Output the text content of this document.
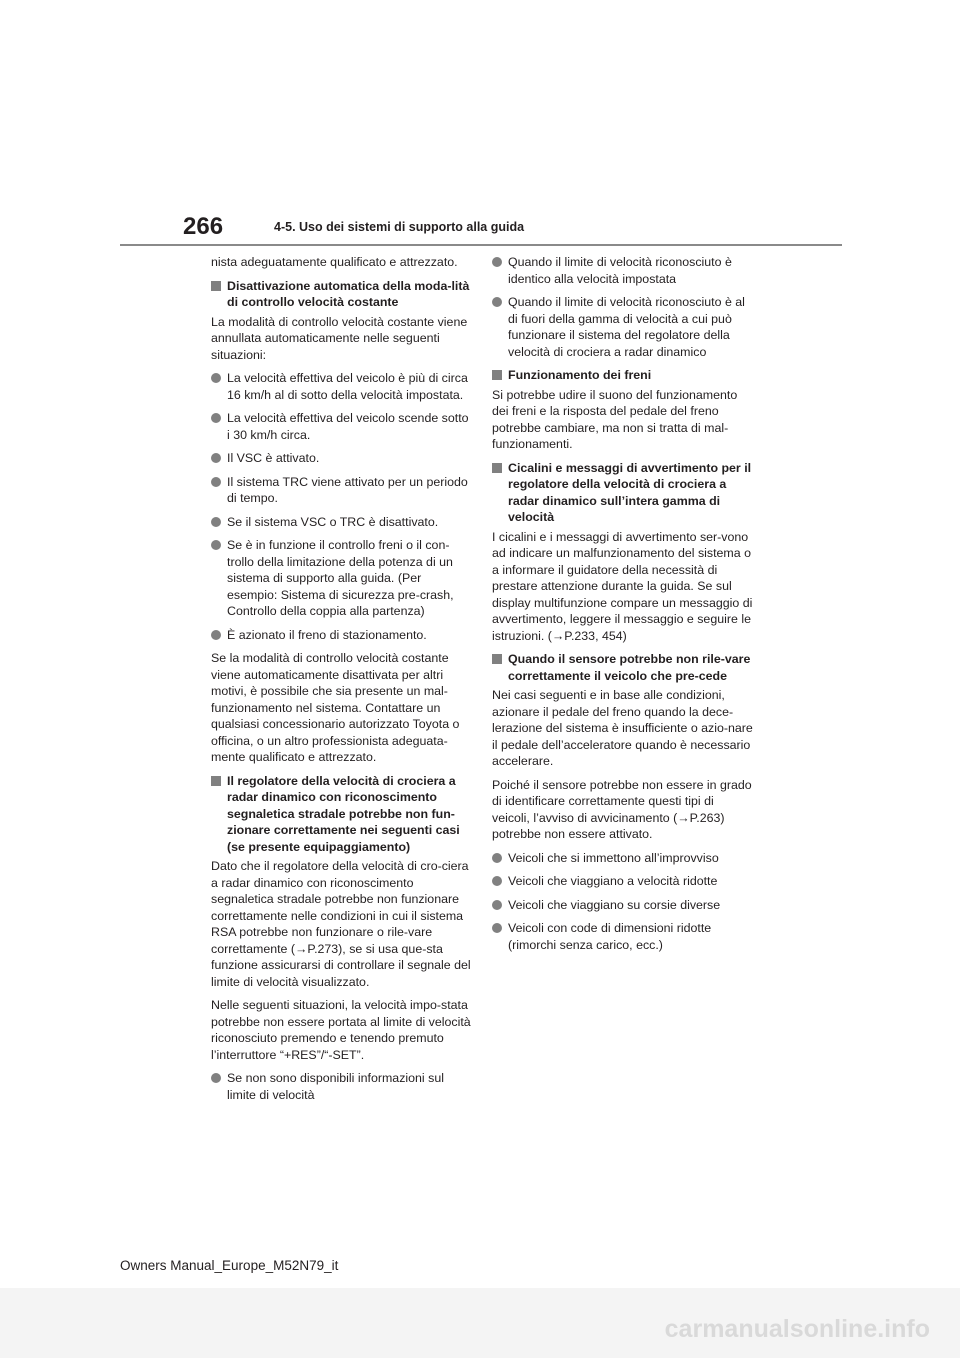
266	4-5. Uso dei sistemi di supporto alla guida

nista adeguatamente qualificato e attrezzato.

Disattivazione automatica della moda-lità di controllo velocità costante

La modalità di controllo velocità costante viene annullata automaticamente nelle seguenti situazioni:

La velocità effettiva del veicolo è più di circa 16 km/h al di sotto della velocità impostata.
La velocità effettiva del veicolo scende sotto i 30 km/h circa.
Il VSC è attivato.
Il sistema TRC viene attivato per un periodo di tempo.
Se il sistema VSC o TRC è disattivato.
Se è in funzione il controllo freni o il con-trollo della limitazione della potenza di un sistema di supporto alla guida. (Per esempio: Sistema di sicurezza pre-crash, Controllo della coppia alla partenza)
È azionato il freno di stazionamento.

Se la modalità di controllo velocità costante viene automaticamente disattivata per altri motivi, è possibile che sia presente un mal-funzionamento nel sistema. Contattare un qualsiasi concessionario autorizzato Toyota o officina, o un altro professionista adeguata-mente qualificato e attrezzato.

Il regolatore della velocità di crociera a radar dinamico con riconoscimento segnaletica stradale potrebbe non fun-zionare correttamente nei seguenti casi (se presente equipaggiamento)

Dato che il regolatore della velocità di cro-ciera a radar dinamico con riconoscimento segnaletica stradale potrebbe non funzionare correttamente nelle condizioni in cui il sistema RSA potrebbe non funzionare o rile-vare correttamente (→P.273), se si usa que-sta funzione assicurarsi di controllare il segnale del limite di velocità visualizzato.

Nelle seguenti situazioni, la velocità impo-stata potrebbe non essere portata al limite di velocità riconosciuto premendo e tenendo premuto l’interruttore “+RES”/“-SET”.

Se non sono disponibili informazioni sul limite di velocità
Quando il limite di velocità riconosciuto è identico alla velocità impostata
Quando il limite di velocità riconosciuto è al di fuori della gamma di velocità a cui può funzionare il sistema del regolatore della velocità di crociera a radar dinamico
Funzionamento dei freni

Si potrebbe udire il suono del funzionamento dei freni e la risposta del pedale del freno potrebbe cambiare, ma non si tratta di mal-funzionamenti.

Cicalini e messaggi di avvertimento per il regolatore della velocità di crociera a radar dinamico sull’intera gamma di velocità

I cicalini e i messaggi di avvertimento ser-vono ad indicare un malfunzionamento del sistema o a informare il guidatore della necessità di prestare attenzione durante la guida. Se sul display multifunzione compare un messaggio di avvertimento, leggere il messaggio e seguire le istruzioni. (→P.233, 454)

Quando il sensore potrebbe non rile-vare correttamente il veicolo che pre-cede

Nei casi seguenti e in base alle condizioni, azionare il pedale del freno quando la dece-lerazione del sistema è insufficiente o azio-nare il pedale dell’acceleratore quando è necessario accelerare.

Poiché il sensore potrebbe non essere in grado di identificare correttamente questi tipi di veicoli, l’avviso di avvicinamento (→P.263) potrebbe non essere attivato.

Veicoli che si immettono all’improvviso
Veicoli che viaggiano a velocità ridotte
Veicoli che viaggiano su corsie diverse
Veicoli con code di dimensioni ridotte (rimorchi senza carico, ecc.)
Owners Manual_Europe_M52N79_it
carmanualsonline.info
